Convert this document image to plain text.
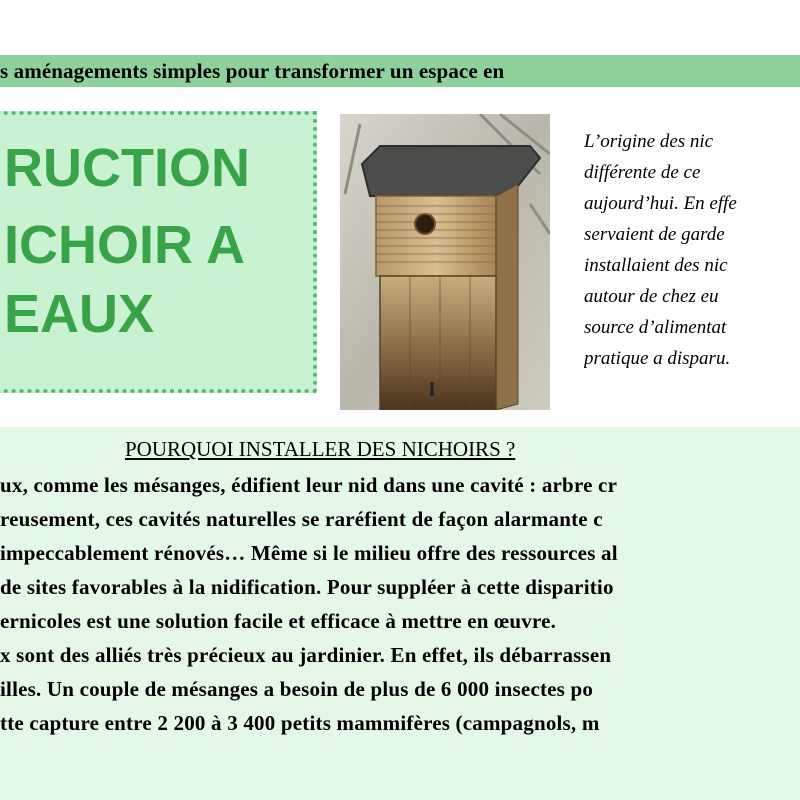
s aménagements simples pour transformer un espace en
RUCTION
ICHOIR A
EAUX
L’origine des nic
différente de ce
aujourd’hui. En effe
servaient de garde
installaient des nic
autour de chez eu
source d’alimentat
pratique a disparu.
POURQUOI INSTALLER DES NICHOIRS ?
ux, comme les mésanges, édifient leur nid dans une cavité : arbre cr
reusement, ces cavités naturelles se raréfient de façon alarmante c
impeccablement rénovés… Même si le milieu offre des ressources al
de sites favorables à la nidification. Pour suppléer à cette disparitio
ernicoles est une solution facile et efficace à mettre en œuvre.
x sont des alliés très précieux au jardinier. En effet, ils débarrassen
illes. Un couple de mésanges a besoin de plus de 6 000 insectes po
tte capture entre 2 200 à 3 400 petits mammifères (campagnols, m
